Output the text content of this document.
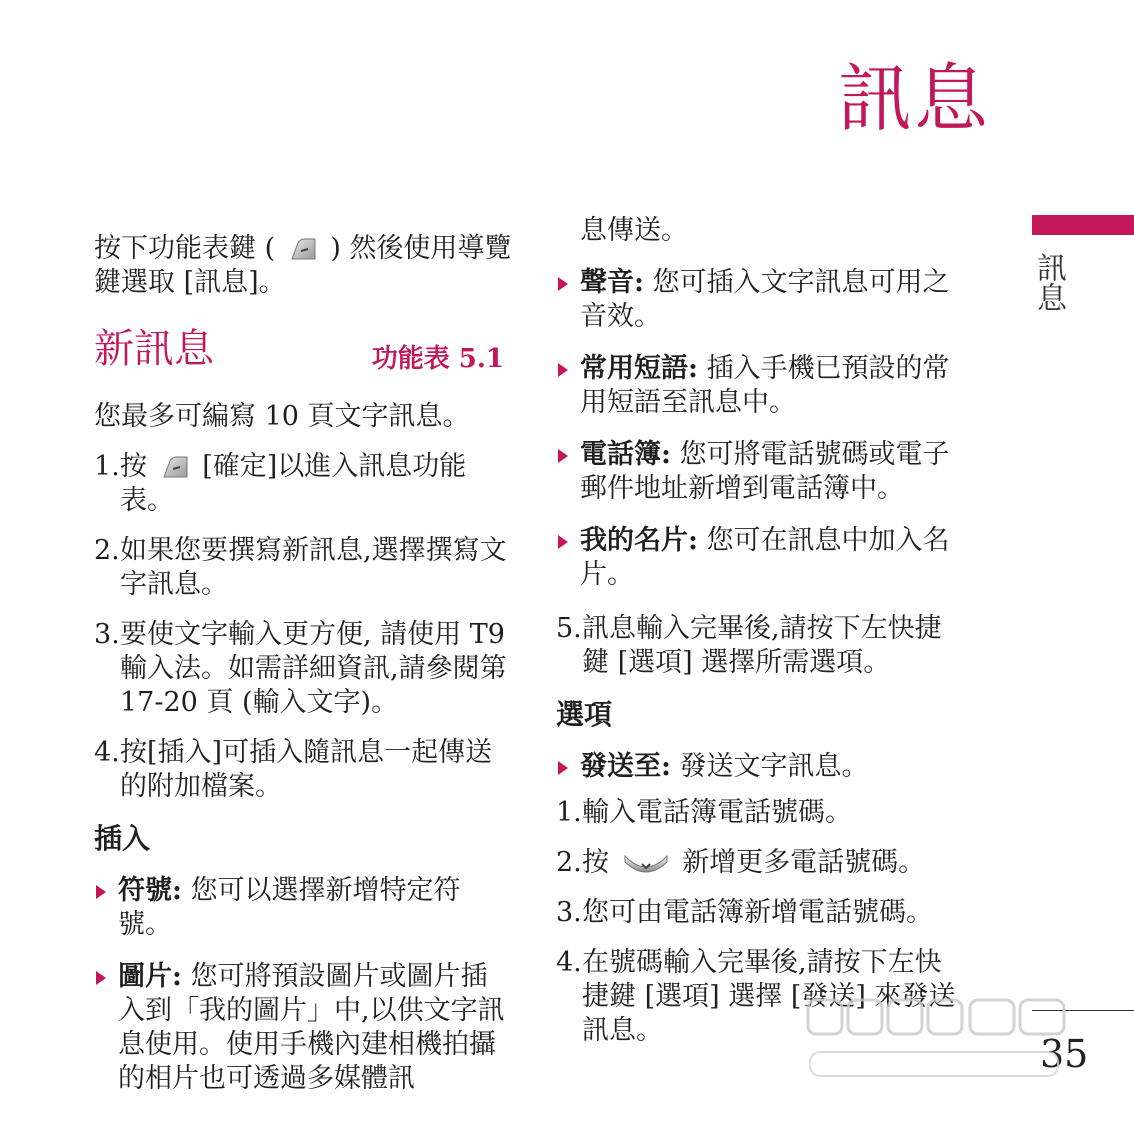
訊息
訊息

按下功能表鍵 ( ) 然後使用導覽鍵選取 [訊息]。

新訊息	功能表 5.1

您最多可編寫 10 頁文字訊息。

1. 按 [確定]以進入訊息功能表。
2. 如果您要撰寫新訊息,選擇撰寫文字訊息。
3. 要使文字輸入更方便, 請使用 T9 輸入法。如需詳細資訊,請參閱第 17-20 頁 (輸入文字)。
4. 按[插入]可插入隨訊息一起傳送的附加檔案。

插入

符號: 您可以選擇新增特定符號。
圖片: 您可將預設圖片或圖片插入到「我的圖片」中,以供文字訊息使用。使用手機內建相機拍攝的相片也可透過多媒體訊

息傳送。

聲音: 您可插入文字訊息可用之音效。
常用短語: 插入手機已預設的常用短語至訊息中。
電話簿: 您可將電話號碼或電子郵件地址新增到電話簿中。
我的名片: 您可在訊息中加入名片。
5. 訊息輸入完畢後,請按下左快捷鍵 [選項] 選擇所需選項。

選項

發送至: 發送文字訊息。
1. 輸入電話簿電話號碼。
2. 按	新增更多電話號碼。
3. 您可由電話簿新增電話號碼。
4. 在號碼輸入完畢後,請按下左快捷鍵 [選項] 選擇 [發送] 來發送訊息。
35
